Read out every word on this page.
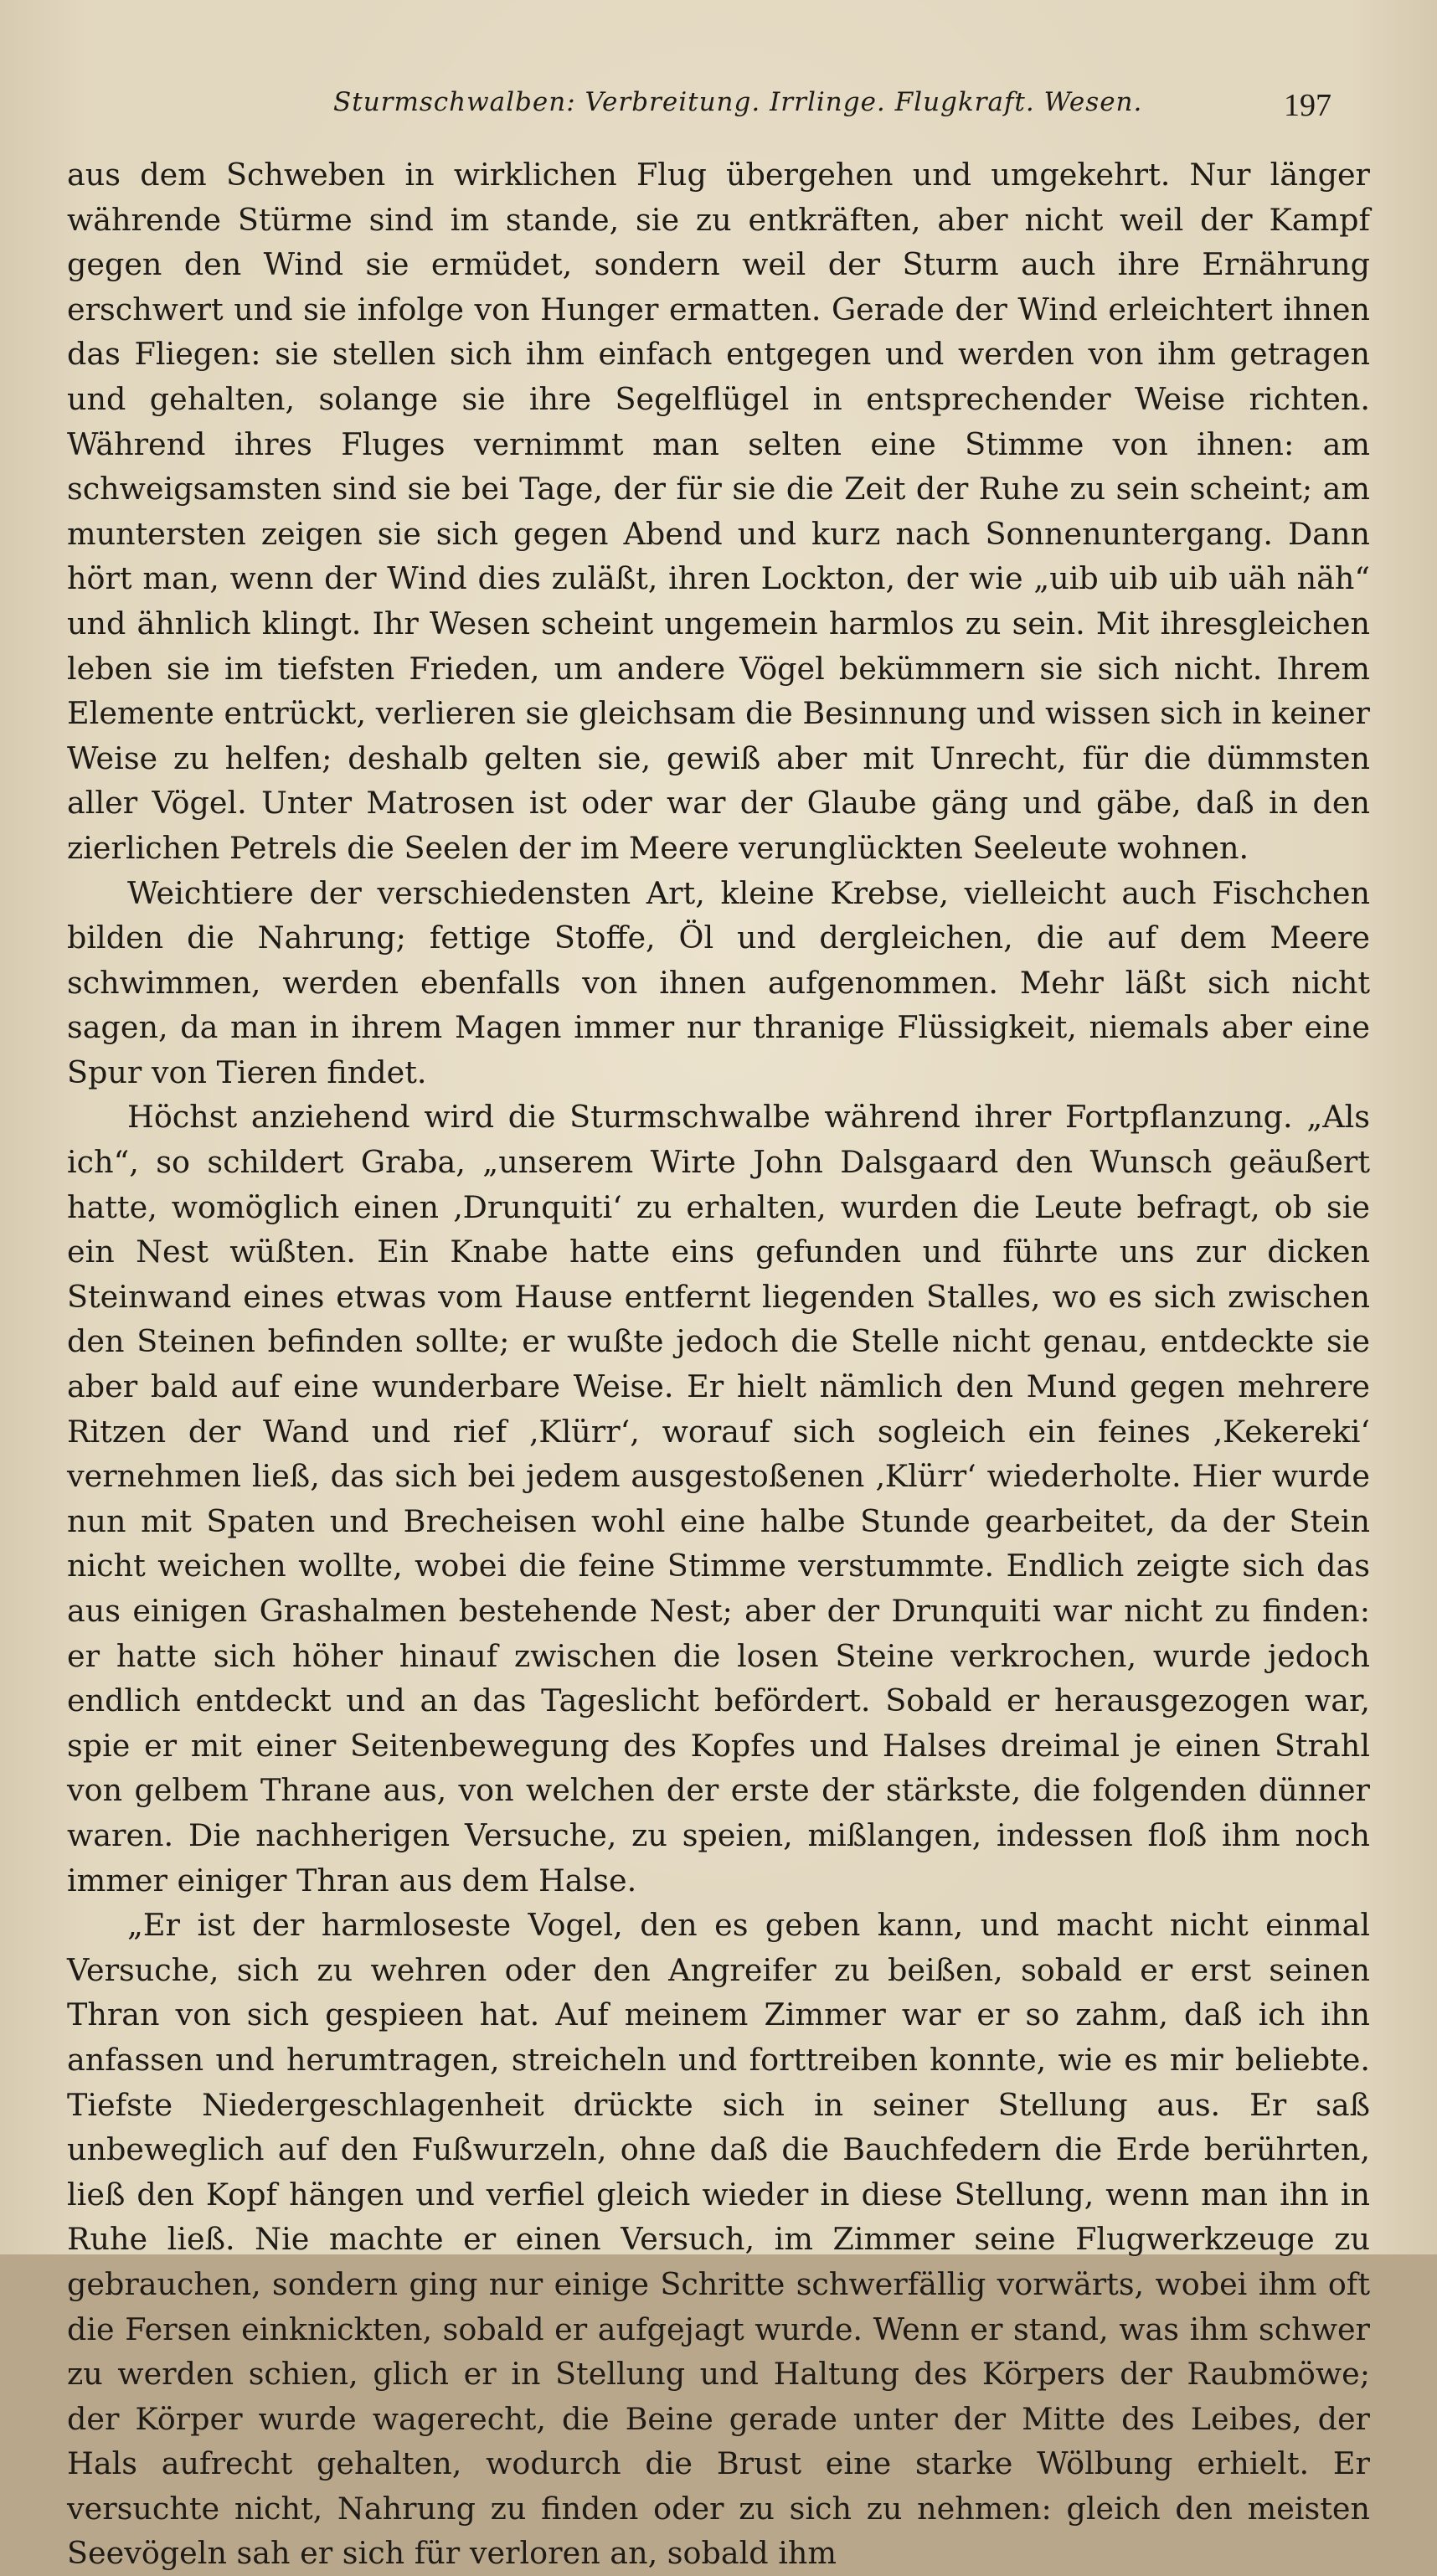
Sturmschwalben: Verbreitung. Irrlinge. Flugkraft. Wesen.	197

aus dem Schweben in wirklichen Flug übergehen und umgekehrt. Nur länger währende Stürme sind im stande, sie zu entkräften, aber nicht weil der Kampf gegen den Wind sie ermüdet, sondern weil der Sturm auch ihre Ernährung erschwert und sie infolge von Hunger ermatten. Gerade der Wind erleichtert ihnen das Fliegen: sie stellen sich ihm einfach entgegen und werden von ihm getragen und gehalten, solange sie ihre Segelflügel in entsprechender Weise richten. Während ihres Fluges vernimmt man selten eine Stimme von ihnen: am schweigsamsten sind sie bei Tage, der für sie die Zeit der Ruhe zu sein scheint; am muntersten zeigen sie sich gegen Abend und kurz nach Sonnenuntergang. Dann hört man, wenn der Wind dies zuläßt, ihren Lockton, der wie „uib uib uib uäh näh“ und ähnlich klingt. Ihr Wesen scheint ungemein harmlos zu sein. Mit ihresgleichen leben sie im tiefsten Frieden, um andere Vögel bekümmern sie sich nicht. Ihrem Elemente entrückt, verlieren sie gleichsam die Besinnung und wissen sich in keiner Weise zu helfen; deshalb gelten sie, gewiß aber mit Unrecht, für die dümmsten aller Vögel. Unter Matrosen ist oder war der Glaube gäng und gäbe, daß in den zierlichen Petrels die Seelen der im Meere verunglückten Seeleute wohnen.

Weichtiere der verschiedensten Art, kleine Krebse, vielleicht auch Fischchen bilden die Nahrung; fettige Stoffe, Öl und dergleichen, die auf dem Meere schwimmen, werden ebenfalls von ihnen aufgenommen. Mehr läßt sich nicht sagen, da man in ihrem Magen immer nur thranige Flüssigkeit, niemals aber eine Spur von Tieren findet.

Höchst anziehend wird die Sturmschwalbe während ihrer Fortpflanzung. „Als ich“, so schildert Graba, „unserem Wirte John Dalsgaard den Wunsch geäußert hatte, womöglich einen ‚Drunquiti‘ zu erhalten, wurden die Leute befragt, ob sie ein Nest wüßten. Ein Knabe hatte eins gefunden und führte uns zur dicken Steinwand eines etwas vom Hause entfernt liegenden Stalles, wo es sich zwischen den Steinen befinden sollte; er wußte jedoch die Stelle nicht genau, entdeckte sie aber bald auf eine wunderbare Weise. Er hielt nämlich den Mund gegen mehrere Ritzen der Wand und rief ‚Klürr‘, worauf sich sogleich ein feines ‚Kekereki‘ vernehmen ließ, das sich bei jedem ausgestoßenen ‚Klürr‘ wiederholte. Hier wurde nun mit Spaten und Brecheisen wohl eine halbe Stunde gearbeitet, da der Stein nicht weichen wollte, wobei die feine Stimme verstummte. Endlich zeigte sich das aus einigen Grashalmen bestehende Nest; aber der Drunquiti war nicht zu finden: er hatte sich höher hinauf zwischen die losen Steine verkrochen, wurde jedoch endlich entdeckt und an das Tageslicht befördert. Sobald er herausgezogen war, spie er mit einer Seitenbewegung des Kopfes und Halses dreimal je einen Strahl von gelbem Thrane aus, von welchen der erste der stärkste, die folgenden dünner waren. Die nachherigen Versuche, zu speien, mißlangen, indessen floß ihm noch immer einiger Thran aus dem Halse.

„Er ist der harmloseste Vogel, den es geben kann, und macht nicht einmal Versuche, sich zu wehren oder den Angreifer zu beißen, sobald er erst seinen Thran von sich gespieen hat. Auf meinem Zimmer war er so zahm, daß ich ihn anfassen und herumtragen, streicheln und forttreiben konnte, wie es mir beliebte. Tiefste Niedergeschlagenheit drückte sich in seiner Stellung aus. Er saß unbeweglich auf den Fußwurzeln, ohne daß die Bauchfedern die Erde berührten, ließ den Kopf hängen und verfiel gleich wieder in diese Stellung, wenn man ihn in Ruhe ließ. Nie machte er einen Versuch, im Zimmer seine Flugwerkzeuge zu gebrauchen, sondern ging nur einige Schritte schwerfällig vorwärts, wobei ihm oft die Fersen einknickten, sobald er aufgejagt wurde. Wenn er stand, was ihm schwer zu werden schien, glich er in Stellung und Haltung des Körpers der Raubmöwe; der Körper wurde wagerecht, die Beine gerade unter der Mitte des Leibes, der Hals aufrecht gehalten, wodurch die Brust eine starke Wölbung erhielt. Er versuchte nicht, Nahrung zu finden oder zu sich zu nehmen: gleich den meisten Seevögeln sah er sich für verloren an, sobald ihm
